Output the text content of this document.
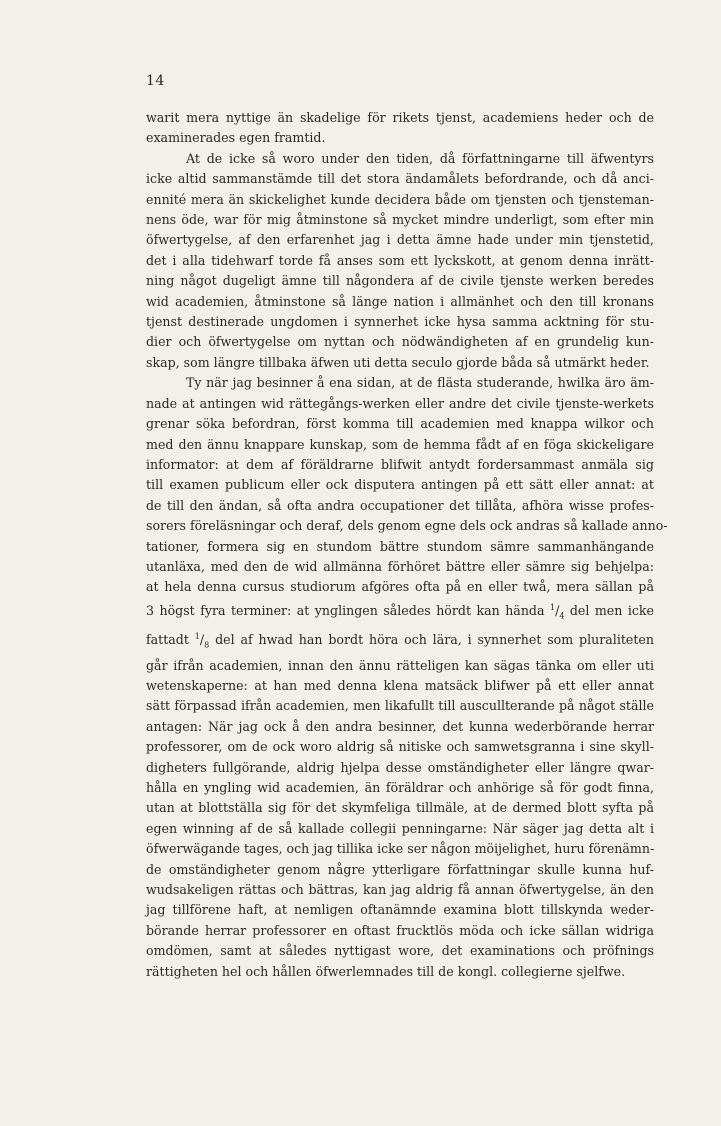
14

warit mera nyttige än skadelige för rikets tjenst, academiens heder och de
examinerades egen framtid.

At de icke så woro under den tiden, då författningarne till äfwentyrs
icke altid sammanstämde till det stora ändamålets befordrande, och då anci-
ennité mera än skickelighet kunde decidera både om tjensten och tjensteman-
nens öde, war för mig åtminstone så mycket mindre underligt, som efter min
öfwertygelse, af den erfarenhet jag i detta ämne hade under min tjenstetid,
det i alla tidehwarf torde få anses som ett lyckskott, at genom denna inrätt-
ning något dugeligt ämne till någondera af de civile tjenste werken beredes
wid academien, åtminstone så länge nation i allmänhet och den till kronans
tjenst destinerade ungdomen i synnerhet icke hysa samma acktning för stu-
dier och öfwertygelse om nyttan och nödwändigheten af en grundelig kun-
skap, som längre tillbaka äfwen uti detta seculo gjorde båda så utmärkt heder.

Ty när jag besinner å ena sidan, at de flästa studerande, hwilka äro äm-
nade at antingen wid rättegångs-werken eller andre det civile tjenste-werkets
grenar söka befordran, först komma till academien med knappa wilkor och
med den ännu knappare kunskap, som de hemma fådt af en föga skickeligare
informator: at dem af föräldrarne blifwit antydt fordersammast anmäla sig
till examen publicum eller ock disputera antingen på ett sätt eller annat: at
de till den ändan, så ofta andra occupationer det tillåta, afhöra wisse profes-
sorers föreläsningar och deraf, dels genom egne dels ock andras så kallade anno-
tationer, formera sig en stundom bättre stundom sämre sammanhängande
utanläxa, med den de wid allmänna förhöret bättre eller sämre sig behjelpa:
at hela denna cursus studiorum afgöres ofta på en eller twå, mera sällan på
3 högst fyra terminer: at ynglingen således hördt kan hända $^1/_4$ del men icke
fattadt $^1/_8$ del af hwad han bordt höra och lära, i synnerhet som pluraliteten
går ifrån academien, innan den ännu rätteligen kan sägas tänka om eller uti
wetenskaperne: at han med denna klena matsäck blifwer på ett eller annat
sätt förpassad ifrån academien, men likafullt till auscullterande på något ställe
antagen: När jag ock å den andra besinner, det kunna wederbörande herrar
professorer, om de ock woro aldrig så nitiske och samwetsgranna i sine skyll-
digheters fullgörande, aldrig hjelpa desse omständigheter eller längre qwar-
hålla en yngling wid academien, än föräldrar och anhörige så för godt finna,
utan at blottställa sig för det skymfeliga tillmäle, at de dermed blott syfta på
egen winning af de så kallade collegii penningarne: När säger jag detta alt i
öfwerwägande tages, och jag tillika icke ser någon möijelighet, huru förenämn-
de omständigheter genom någre ytterligare författningar skulle kunna huf-
wudsakeligen rättas och bättras, kan jag aldrig få annan öfwertygelse, än den
jag tillförene haft, at nemligen oftanämnde examina blott tillskynda weder-
börande herrar professorer en oftast frucktlös möda och icke sällan widriga
omdömen, samt at således nyttigast wore, det examinations och pröfnings
rättigheten hel och hållen öfwerlemnades till de kongl. collegierne sjelfwe.
